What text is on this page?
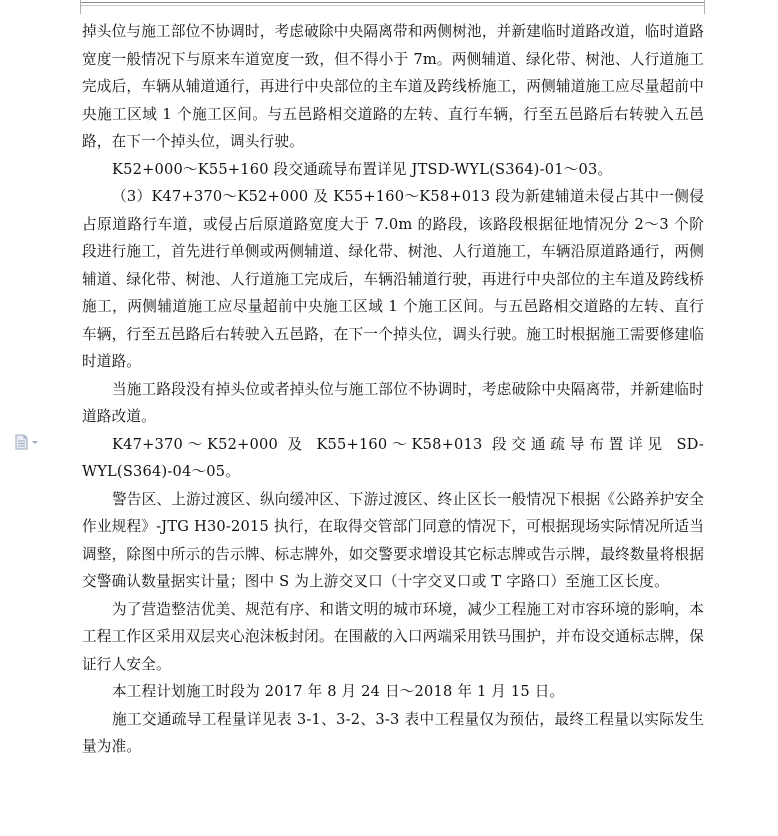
掉头位与施工部位不协调时，考虑破除中央隔离带和两侧树池，并新建临时道路改道，临时道路宽度一般情况下与原来车道宽度一致，但不得小于 7m。两侧辅道、绿化带、树池、人行道施工完成后，车辆从辅道通行，再进行中央部位的主车道及跨线桥施工，两侧辅道施工应尽量超前中央施工区域 1 个施工区间。与五邑路相交道路的左转、直行车辆，行至五邑路后右转驶入五邑路，在下一个掉头位，调头行驶。

K52+000～K55+160 段交通疏导布置详见 JTSD-WYL(S364)-01～03。

（3）K47+370～K52+000 及 K55+160～K58+013 段为新建辅道未侵占其中一侧侵占原道路行车道，或侵占后原道路宽度大于 7.0m 的路段，该路段根据征地情况分 2～3 个阶段进行施工，首先进行单侧或两侧辅道、绿化带、树池、人行道施工，车辆沿原道路通行，两侧辅道、绿化带、树池、人行道施工完成后，车辆沿辅道行驶，再进行中央部位的主车道及跨线桥施工，两侧辅道施工应尽量超前中央施工区域 1 个施工区间。与五邑路相交道路的左转、直行车辆，行至五邑路后右转驶入五邑路，在下一个掉头位，调头行驶。施工时根据施工需要修建临时道路。

当施工路段没有掉头位或者掉头位与施工部位不协调时，考虑破除中央隔离带，并新建临时道路改道。

K47+370～K52+000 及 K55+160～K58+013 段交通疏导布置详见 SD-WYL(S364)-04～05。

警告区、上游过渡区、纵向缓冲区、下游过渡区、终止区长一般情况下根据《公路养护安全作业规程》-JTG H30-2015 执行，在取得交管部门同意的情况下，可根据现场实际情况所适当调整，除图中所示的告示牌、标志牌外，如交警要求增设其它标志牌或告示牌，最终数量将根据交警确认数量据实计量；图中 S 为上游交叉口（十字交叉口或 T 字路口）至施工区长度。

为了营造整洁优美、规范有序、和谐文明的城市环境，减少工程施工对市容环境的影响，本工程工作区采用双层夹心泡沫板封闭。在围蔽的入口两端采用铁马围护，并布设交通标志牌，保证行人安全。

本工程计划施工时段为 2017 年 8 月 24 日～2018 年 1 月 15 日。

施工交通疏导工程量详见表 3-1、3-2、3-3 表中工程量仅为预估，最终工程量以实际发生量为准。
